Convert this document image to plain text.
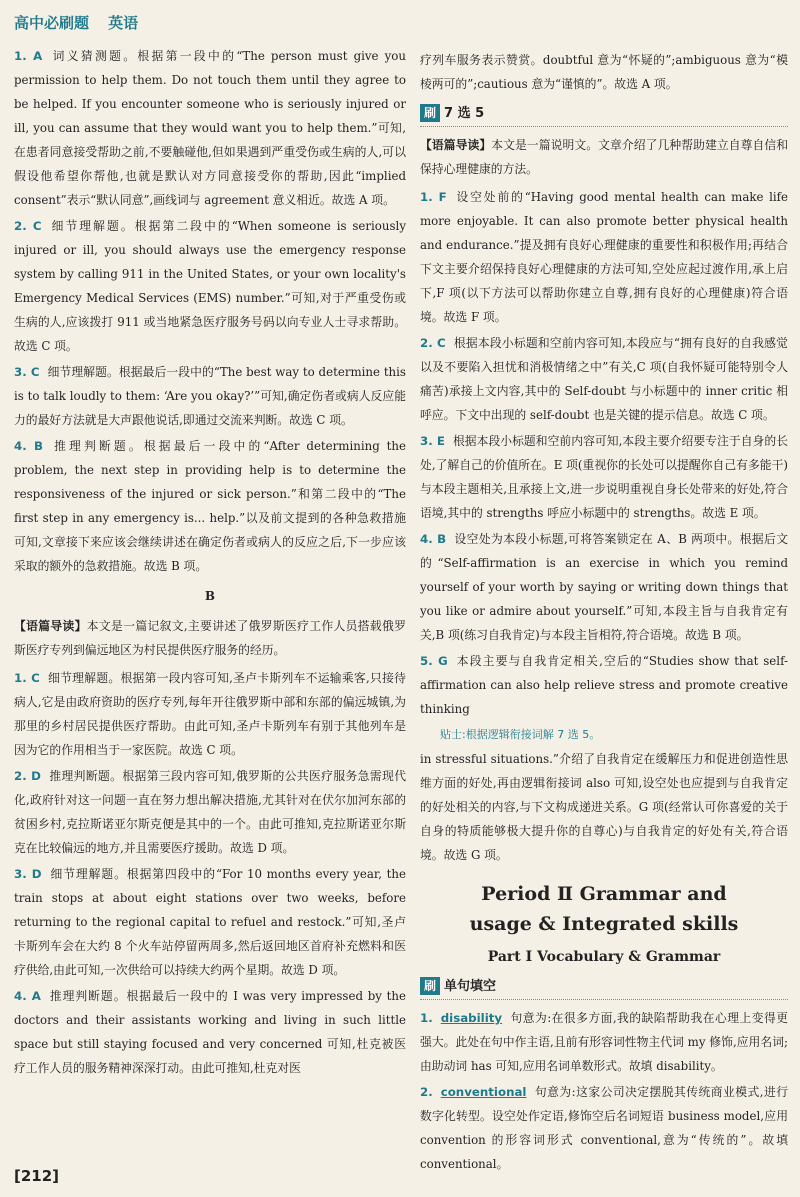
高中必刷题 英语
1. A 词义猜测题。根据第一段中的“The person must give you permission to help them. Do not touch them until they agree to be helped. If you encounter someone who is seriously injured or ill, you can assume that they would want you to help them.”可知,在患者同意接受帮助之前,不要触碰他,但如果遇到严重受伤或生病的人,可以假设他希望你帮他,也就是默认对方同意接受你的帮助,因此“implied consent”表示“默认同意”,画线词与 agreement 意义相近。故选 A 项。
2. C 细节理解题。根据第二段中的“When someone is seriously injured or ill, you should always use the emergency response system by calling 911 in the United States, or your own locality's Emergency Medical Services (EMS) number.”可知,对于严重受伤或生病的人,应该拨打 911 或当地紧急医疗服务号码以向专业人士寻求帮助。故选 C 项。
3. C 细节理解题。根据最后一段中的“The best way to determine this is to talk loudly to them: ‘Are you okay?’”可知,确定伤者或病人反应能力的最好方法就是大声跟他说话,即通过交流来判断。故选 C 项。
4. B 推理判断题。根据最后一段中的“After determining the problem, the next step in providing help is to determine the responsiveness of the injured or sick person.”和第二段中的“The first step in any emergency is... help.”以及前文提到的各种急救措施可知,文章接下来应该会继续讲述在确定伤者或病人的反应之后,下一步应该采取的额外的急救措施。故选 B 项。
B
【语篇导读】本文是一篇记叙文,主要讲述了俄罗斯医疗工作人员搭载俄罗斯医疗专列到偏远地区为村民提供医疗服务的经历。
1. C 细节理解题。根据第一段内容可知,圣卢卡斯列车不运输乘客,只接待病人,它是由政府资助的医疗专列,每年开往俄罗斯中部和东部的偏远城镇,为那里的乡村居民提供医疗帮助。由此可知,圣卢卡斯列车有别于其他列车是因为它的作用相当于一家医院。故选 C 项。
2. D 推理判断题。根据第三段内容可知,俄罗斯的公共医疗服务急需现代化,政府针对这一问题一直在努力想出解决措施,尤其针对在伏尔加河东部的贫困乡村,克拉斯诺亚尔斯克便是其中的一个。由此可推知,克拉斯诺亚尔斯克在比较偏远的地方,并且需要医疗援助。故选 D 项。
3. D 细节理解题。根据第四段中的“For 10 months every year, the train stops at about eight stations over two weeks, before returning to the regional capital to refuel and restock.”可知,圣卢卡斯列车会在大约 8 个火车站停留两周多,然后返回地区首府补充燃料和医疗供给,由此可知,一次供给可以持续大约两个星期。故选 D 项。
4. A 推理判断题。根据最后一段中的 I was very impressed by the doctors and their assistants working and living in such little space but still staying focused and very concerned 可知,杜克被医疗工作人员的服务精神深深打动。由此可推知,杜克对医
疗列车服务表示赞赏。doubtful 意为“怀疑的”;ambiguous 意为“模棱两可的”;cautious 意为“谨慎的”。故选 A 项。
刷 7 选 5
【语篇导读】本文是一篇说明文。文章介绍了几种帮助建立自尊自信和保持心理健康的方法。
1. F 设空处前的“Having good mental health can make life more enjoyable. It can also promote better physical health and endurance.”提及拥有良好心理健康的重要性和积极作用;再结合下文主要介绍保持良好心理健康的方法可知,空处应起过渡作用,承上启下,F 项(以下方法可以帮助你建立自尊,拥有良好的心理健康)符合语境。故选 F 项。
2. C 根据本段小标题和空前内容可知,本段应与“拥有良好的自我感觉以及不要陷入担忧和消极情绪之中”有关,C 项(自我怀疑可能特别令人痛苦)承接上文内容,其中的 Self-doubt 与小标题中的 inner critic 相呼应。下文中出现的 self-doubt 也是关键的提示信息。故选 C 项。
3. E 根据本段小标题和空前内容可知,本段主要介绍要专注于自身的长处,了解自己的价值所在。E 项(重视你的长处可以提醒你自己有多能干)与本段主题相关,且承接上文,进一步说明重视自身长处带来的好处,符合语境,其中的 strengths 呼应小标题中的 strengths。故选 E 项。
4. B 设空处为本段小标题,可将答案锁定在 A、B 两项中。根据后文的“Self-affirmation is an exercise in which you remind yourself of your worth by saying or writing down things that you like or admire about yourself.”可知,本段主旨与自我肯定有关,B 项(练习自我肯定)与本段主旨相符,符合语境。故选 B 项。
5. G 本段主要与自我肯定相关,空后的“Studies show that self-affirmation can also help relieve stress and promote creative thinking
贴士:根据逻辑衔接词解 7 选 5。
in stressful situations.”介绍了自我肯定在缓解压力和促进创造性思维方面的好处,再由逻辑衔接词 also 可知,设空处也应提到与自我肯定的好处相关的内容,与下文构成递进关系。G 项(经常认可你喜爱的关于自身的特质能够极大提升你的自尊心)与自我肯定的好处有关,符合语境。故选 G 项。
Period Ⅱ Grammar and
usage & Integrated skills
Part Ⅰ Vocabulary & Grammar
刷 单句填空
1. disability 句意为:在很多方面,我的缺陷帮助我在心理上变得更强大。此处在句中作主语,且前有形容词性物主代词 my 修饰,应用名词;由助动词 has 可知,应用名词单数形式。故填 disability。
2. conventional 句意为:这家公司决定摆脱其传统商业模式,进行数字化转型。设空处作定语,修饰空后名词短语 business model,应用 convention 的形容词形式 conventional,意为“传统的”。故填 conventional。
[212]
